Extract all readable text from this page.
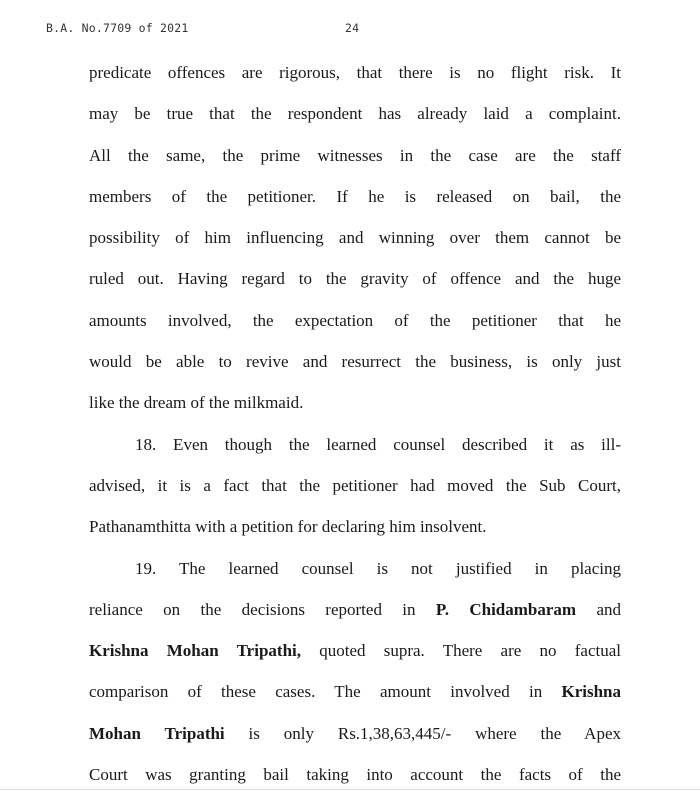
B.A. No.7709 of 2021	24
predicate offences are rigorous, that there is no flight risk. It
may be true that the respondent has already laid a complaint.
All the same, the prime witnesses in the case are the staff
members of the petitioner. If he is released on bail, the
possibility of him influencing and winning over them cannot be
ruled out. Having regard to the gravity of offence and the huge
amounts involved, the expectation of the petitioner that he
would be able to revive and resurrect the business, is only just
like the dream of the milkmaid.
18. Even though the learned counsel described it as ill-
advised, it is a fact that the petitioner had moved the Sub Court,
Pathanamthitta with a petition for declaring him insolvent.
19. The learned counsel is not justified in placing
reliance on the decisions reported in P. Chidambaram and
Krishna Mohan Tripathi, quoted supra. There are no factual
comparison of these cases. The amount involved in Krishna
Mohan Tripathi is only Rs.1,38,63,445/- where the Apex
Court was granting bail taking into account the facts of the
